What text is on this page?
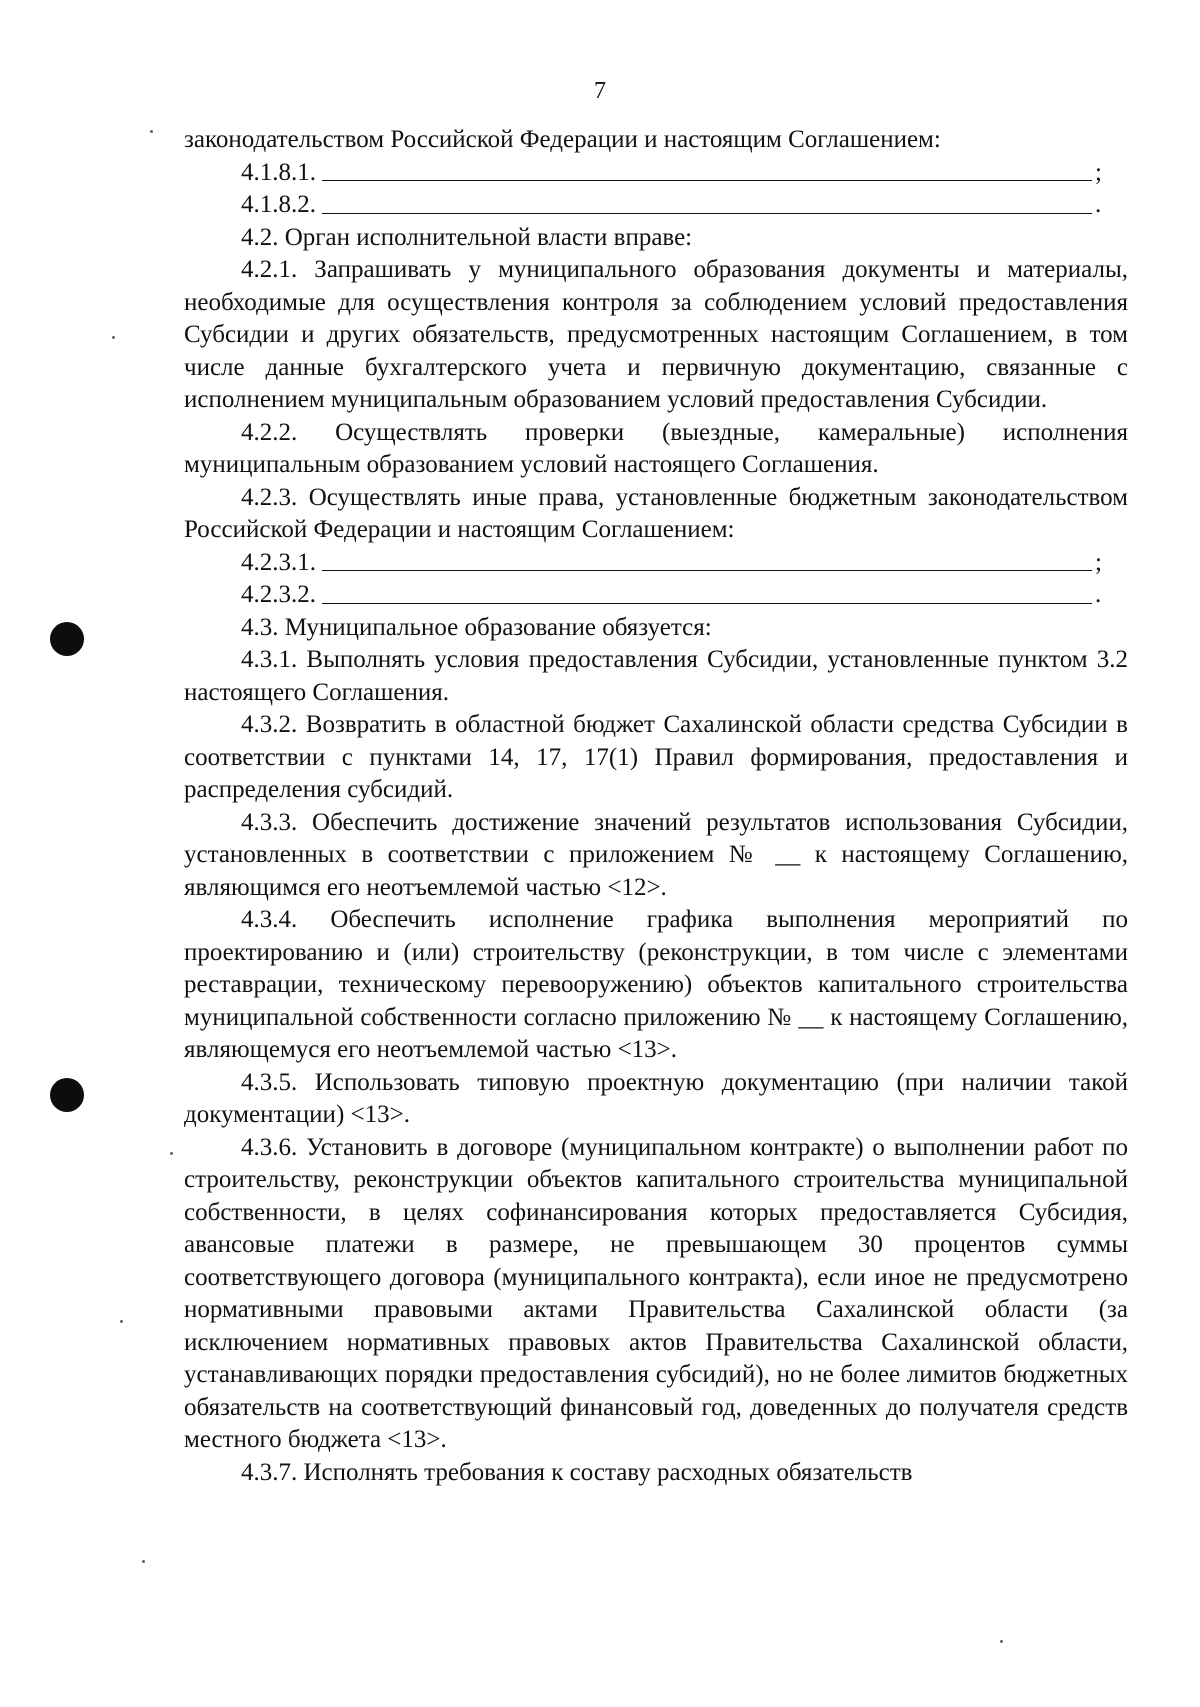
7

законодательством Российской Федерации и настоящим Соглашением:

4.1.8.1.	;
4.1.8.2.	.

4.2. Орган исполнительной власти вправе:

4.2.1. Запрашивать у муниципального образования документы и материалы, необходимые для осуществления контроля за соблюдением условий предоставления Субсидии и других обязательств, предусмотренных настоящим Соглашением, в том числе данные бухгалтерского учета и первичную документацию, связанные с исполнением муниципальным образованием условий предоставления Субсидии.

4.2.2. Осуществлять проверки (выездные, камеральные) исполнения муниципальным образованием условий настоящего Соглашения.

4.2.3. Осуществлять иные права, установленные бюджетным законодательством Российской Федерации и настоящим Соглашением:

4.2.3.1.	;
4.2.3.2.	.

4.3. Муниципальное образование обязуется:

4.3.1. Выполнять условия предоставления Субсидии, установленные пунктом 3.2 настоящего Соглашения.

4.3.2. Возвратить в областной бюджет Сахалинской области средства Субсидии в соответствии с пунктами 14, 17, 17(1) Правил формирования, предоставления и распределения субсидий.

4.3.3. Обеспечить достижение значений результатов использования Субсидии, установленных в соответствии с приложением № __ к настоящему Соглашению, являющимся его неотъемлемой частью <12>.

4.3.4. Обеспечить исполнение графика выполнения мероприятий по проектированию и (или) строительству (реконструкции, в том числе с элементами реставрации, техническому перевооружению) объектов капитального строительства муниципальной собственности согласно приложению № __ к настоящему Соглашению, являющемуся его неотъемлемой частью <13>.

4.3.5. Использовать типовую проектную документацию (при наличии такой документации) <13>.

4.3.6. Установить в договоре (муниципальном контракте) о выполнении работ по строительству, реконструкции объектов капитального строительства муниципальной собственности, в целях софинансирования которых предоставляется Субсидия, авансовые платежи в размере, не превышающем 30 процентов суммы соответствующего договора (муниципального контракта), если иное не предусмотрено нормативными правовыми актами Правительства Сахалинской области (за исключением нормативных правовых актов Правительства Сахалинской области, устанавливающих порядки предоставления субсидий), но не более лимитов бюджетных обязательств на соответствующий финансовый год, доведенных до получателя средств местного бюджета <13>.

4.3.7. Исполнять требования к составу расходных обязательств
